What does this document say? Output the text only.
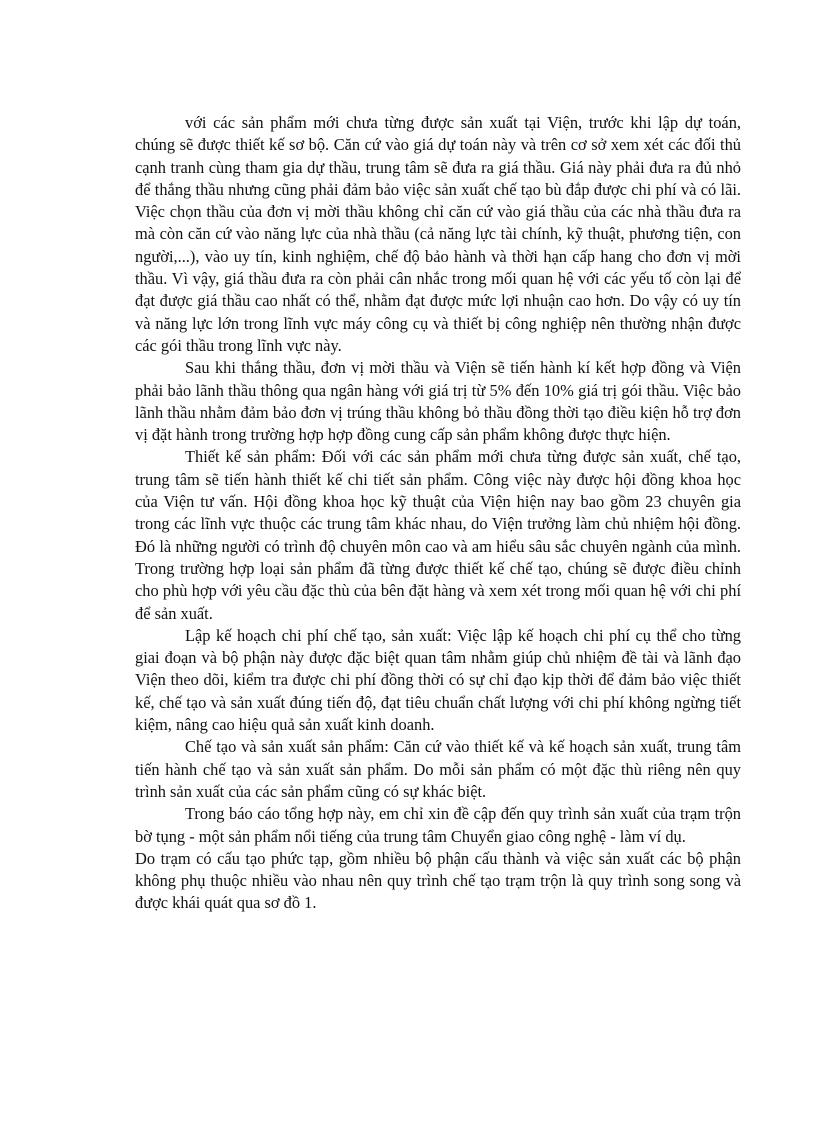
với các sản phẩm mới chưa từng được sản xuất tại Viện, trước khi lập dự toán, chúng sẽ được thiết kế sơ bộ. Căn cứ vào giá dự toán này và trên cơ sở xem xét các đối thủ cạnh tranh cùng tham gia dự thầu, trung tâm sẽ đưa ra giá thầu. Giá này phải đưa ra đủ nhỏ để thắng thầu nhưng cũng phải đảm bảo việc sản xuất chế tạo bù đắp được chi phí và có lãi. Việc chọn thầu của đơn vị mời thầu không chỉ căn cứ vào giá thầu của các nhà thầu đưa ra mà còn căn cứ vào năng lực của nhà thầu (cả năng lực tài chính, kỹ thuật, phương tiện, con người,...), vào uy tín, kinh nghiệm, chế độ bảo hành và thời hạn cấp hang cho đơn vị mời thầu. Vì vậy, giá thầu đưa ra còn phải cân nhắc trong mối quan hệ với các yếu tố còn lại để đạt được giá thầu cao nhất có thể, nhằm đạt được mức lợi nhuận cao hơn. Do vậy có uy tín và năng lực lớn trong lĩnh vực máy công cụ và thiết bị công nghiệp nên thường nhận được các gói thầu trong lĩnh vực này.

Sau khi thắng thầu, đơn vị mời thầu và Viện sẽ tiến hành kí kết hợp đồng và Viện phải bảo lãnh thầu thông qua ngân hàng với giá trị từ 5% đến 10% giá trị gói thầu. Việc bảo lãnh thầu nhằm đảm bảo đơn vị trúng thầu không bỏ thầu đồng thời tạo điều kiện hỗ trợ đơn vị đặt hành trong trường hợp hợp đồng cung cấp sản phẩm không được thực hiện.

Thiết kế sản phẩm: Đối với các sản phẩm mới chưa từng được sản xuất, chế tạo, trung tâm sẽ tiến hành thiết kế chi tiết sản phẩm. Công việc này được hội đồng khoa học của Viện tư vấn. Hội đồng khoa học kỹ thuật của Viện hiện nay bao gồm 23 chuyên gia trong các lĩnh vực thuộc các trung tâm khác nhau, do Viện trưởng làm chủ nhiệm hội đồng. Đó là những người có trình độ chuyên môn cao và am hiểu sâu sắc chuyên ngành của mình. Trong trường hợp loại sản phẩm đã từng được thiết kế chế tạo, chúng sẽ được điều chỉnh cho phù hợp với yêu cầu đặc thù của bên đặt hàng và xem xét trong mối quan hệ với chi phí để sản xuất.

Lập kế hoạch chi phí chế tạo, sản xuất: Việc lập kế hoạch chi phí cụ thể cho từng giai đoạn và bộ phận này được đặc biệt quan tâm nhằm giúp chủ nhiệm đề tài và lãnh đạo Viện theo dõi, kiểm tra được chi phí đồng thời có sự chỉ đạo kịp thời để đảm bảo việc thiết kế, chế tạo và sản xuất đúng tiến độ, đạt tiêu chuẩn chất lượng với chi phí không ngừng tiết kiệm, nâng cao hiệu quả sản xuất kinh doanh.

Chế tạo và sản xuất sản phẩm: Căn cứ vào thiết kế và kế hoạch sản xuất, trung tâm tiến hành chế tạo và sản xuất sản phẩm. Do mỗi sản phẩm có một đặc thù riêng nên quy trình sản xuất của các sản phẩm cũng có sự khác biệt.

Trong báo cáo tổng hợp này, em chỉ xin đề cập đến quy trình sản xuất của trạm trộn bờ tụng - một sản phẩm nổi tiếng của trung tâm Chuyển giao công nghệ - làm ví dụ.

Do trạm có cấu tạo phức tạp, gồm nhiều bộ phận cấu thành và việc sản xuất các bộ phận không phụ thuộc nhiều vào nhau nên quy trình chế tạo trạm trộn là quy trình song song và được khái quát qua sơ đồ 1.
